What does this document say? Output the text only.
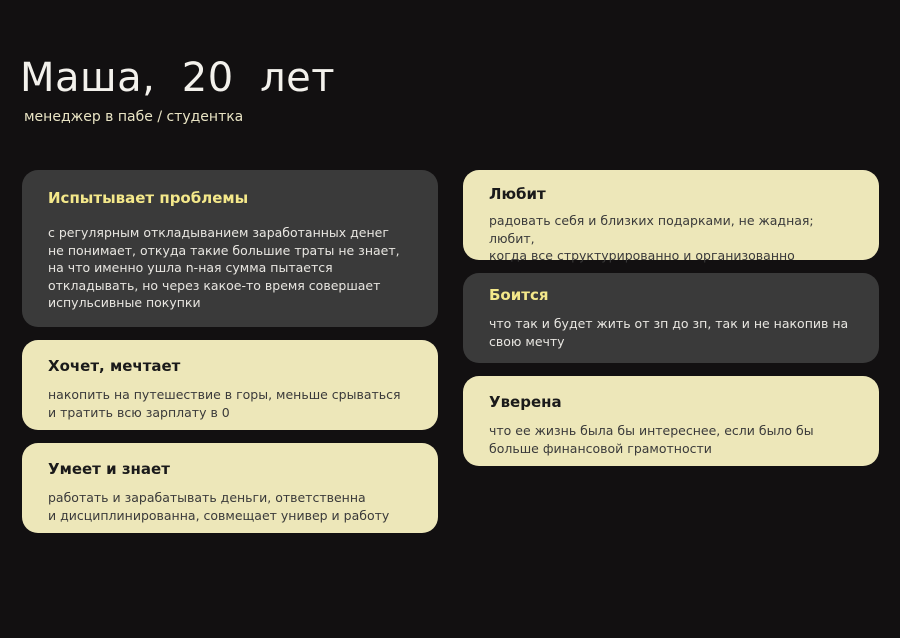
Маша,  20  лет

менеджер в пабе / студентка

Испытывает проблемы

с регулярным откладыванием заработанных денег
не понимает, откуда такие большие траты не знает,
на что именно ушла n-ная сумма пытается
откладывать, но через какое-то время совершает
испульсивные покупки

Хочет, мечтает

накопить на путешествие в горы, меньше срываться
и тратить всю зарплату в 0

Умеет и знает

работать и зарабатывать деньги, ответственна
и дисциплинированна, совмещает универ и работу

Любит

радовать себя и близких подарками, не жадная; любит,
когда все структурированно и организованно

Боится

что так и будет жить от зп до зп, так и не накопив на
свою мечту

Уверена

что ее жизнь была бы интереснее, если было бы
больше финансовой грамотности
